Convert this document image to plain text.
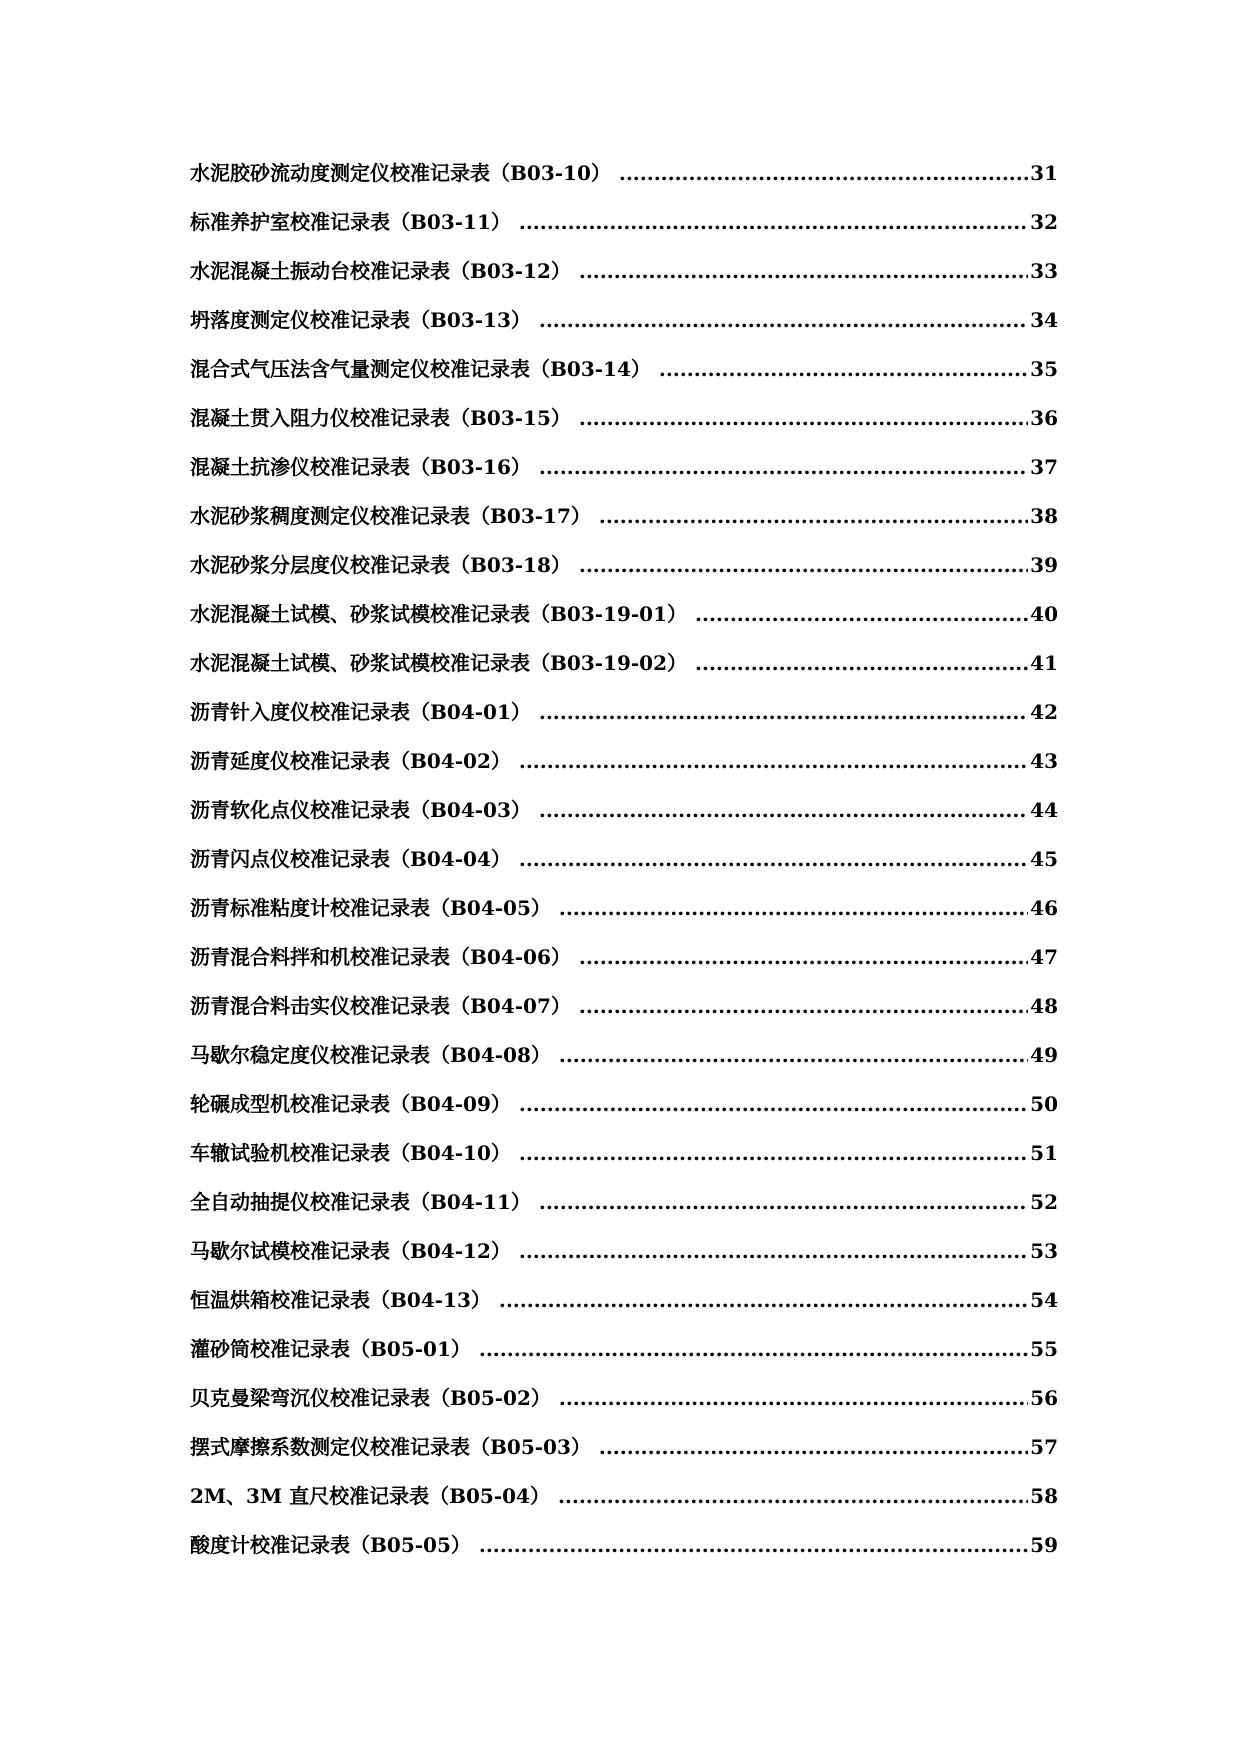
水泥胶砂流动度测定仪校准记录表（B03-10） .....	31
标准养护室校准记录表（B03-11） .....	32
水泥混凝土振动台校准记录表（B03-12） .....	33
坍落度测定仪校准记录表（B03-13） .....	34
混合式气压法含气量测定仪校准记录表（B03-14） .....	35
混凝土贯入阻力仪校准记录表（B03-15） .....	36
混凝土抗渗仪校准记录表（B03-16） .....	37
水泥砂浆稠度测定仪校准记录表（B03-17） .....	38
水泥砂浆分层度仪校准记录表（B03-18） .....	39
水泥混凝土试模、砂浆试模校准记录表（B03-19-01） .....	40
水泥混凝土试模、砂浆试模校准记录表（B03-19-02） .....	41
沥青针入度仪校准记录表（B04-01） .....	42
沥青延度仪校准记录表（B04-02） .....	43
沥青软化点仪校准记录表（B04-03） .....	44
沥青闪点仪校准记录表（B04-04） .....	45
沥青标准粘度计校准记录表（B04-05） .....	46
沥青混合料拌和机校准记录表（B04-06） .....	47
沥青混合料击实仪校准记录表（B04-07） .....	48
马歇尔稳定度仪校准记录表（B04-08） .....	49
轮碾成型机校准记录表（B04-09） .....	50
车辙试验机校准记录表（B04-10） .....	51
全自动抽提仪校准记录表（B04-11） .....	52
马歇尔试模校准记录表（B04-12） .....	53
恒温烘箱校准记录表（B04-13） .....	54
灌砂筒校准记录表（B05-01） .....	55
贝克曼梁弯沉仪校准记录表（B05-02） .....	56
摆式摩擦系数测定仪校准记录表（B05-03） .....	57
2M、3M 直尺校准记录表（B05-04） .....	58
酸度计校准记录表（B05-05） .....	59
